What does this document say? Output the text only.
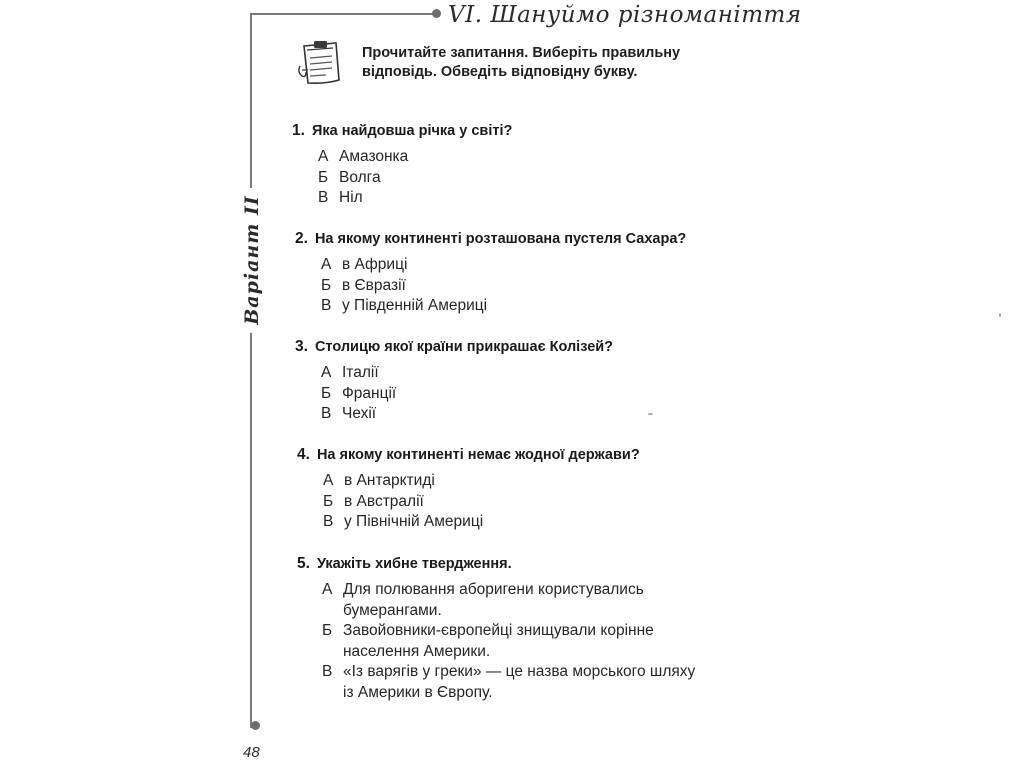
VI. Шануймо різноманіття
Варіант II
Прочитайте запитання. Виберіть правильну відповідь. Обведіть відповідну букву.
1. Яка найдовша річка у світі?
А Амазонка
Б Волга
В Ніл
2. На якому континенті розташована пустеля Сахара?
А в Африці
Б в Євразії
В у Південній Америці
3. Столицю якої країни прикрашає Колізей?
А Італії
Б Франції
В Чехії
4. На якому континенті немає жодної держави?
А в Антарктиді
Б в Австралії
В у Північній Америці
5. Укажіть хибне твердження.
А Для полювання аборигени користувались
бумерангами.
Б Завойовники-європейці знищували корінне
населення Америки.
В «Із варягів у греки» — це назва морського шляху
із Америки в Європу.
48
